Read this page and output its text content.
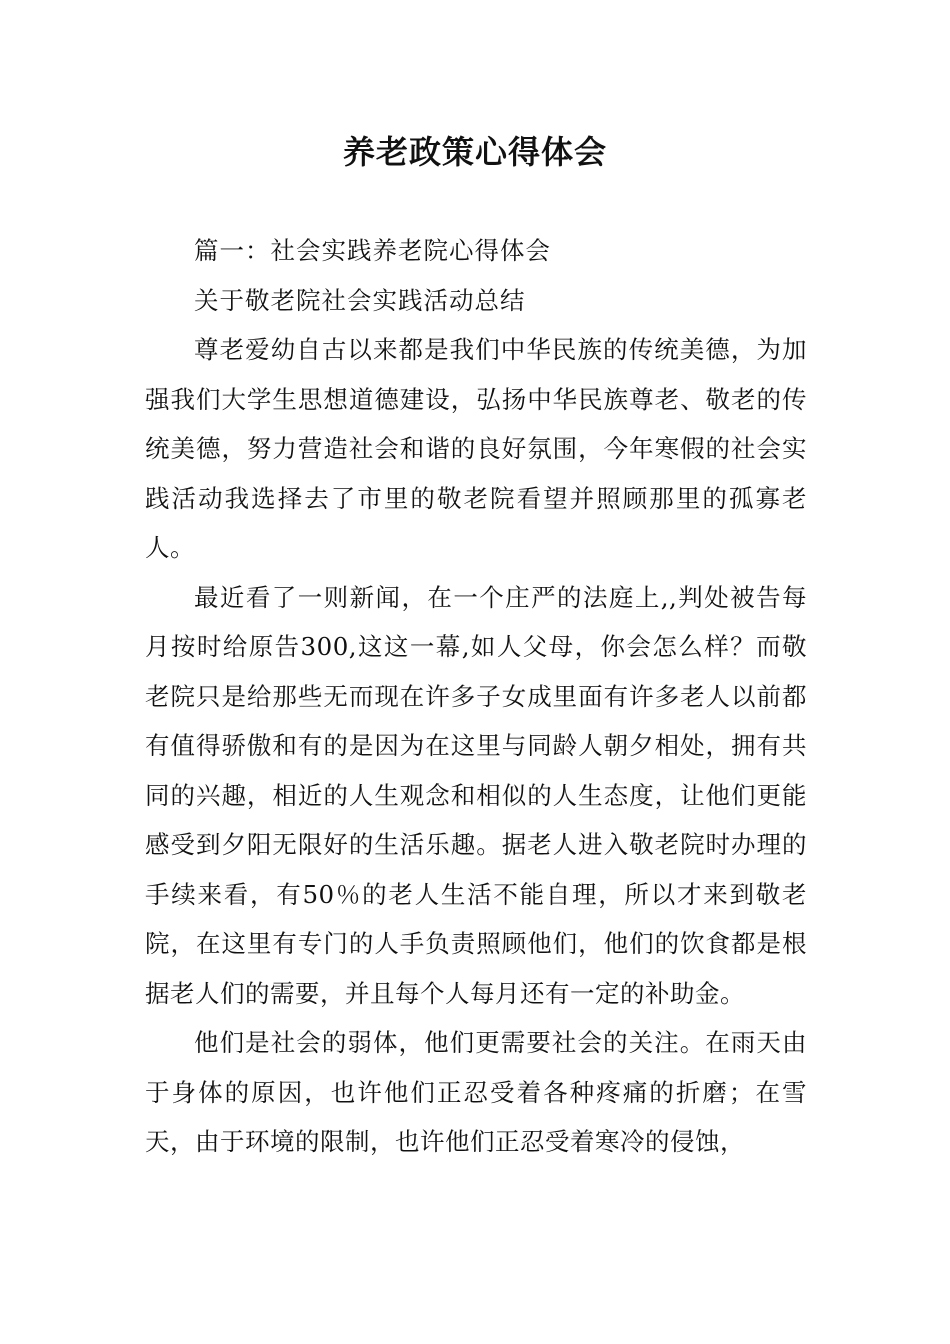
养老政策心得体会

篇一：社会实践养老院心得体会

关于敬老院社会实践活动总结

尊老爱幼自古以来都是我们中华民族的传统美德，为加强我们大学生思想道德建设，弘扬中华民族尊老、敬老的传统美德，努力营造社会和谐的良好氛围，今年寒假的社会实践活动我选择去了市里的敬老院看望并照顾那里的孤寡老人。

最近看了一则新闻，在一个庄严的法庭上,,判处被告每月按时给原告300,这这一幕,如人父母，你会怎么样？而敬老院只是给那些无而现在许多子女成里面有许多老人以前都有值得骄傲和有的是因为在这里与同龄人朝夕相处，拥有共同的兴趣，相近的人生观念和相似的人生态度，让他们更能感受到夕阳无限好的生活乐趣。据老人进入敬老院时办理的手续来看，有50％的老人生活不能自理，所以才来到敬老院，在这里有专门的人手负责照顾他们，他们的饮食都是根据老人们的需要，并且每个人每月还有一定的补助金。

他们是社会的弱体，他们更需要社会的关注。在雨天由于身体的原因，也许他们正忍受着各种疼痛的折磨；在雪天，由于环境的限制，也许他们正忍受着寒冷的侵蚀，
